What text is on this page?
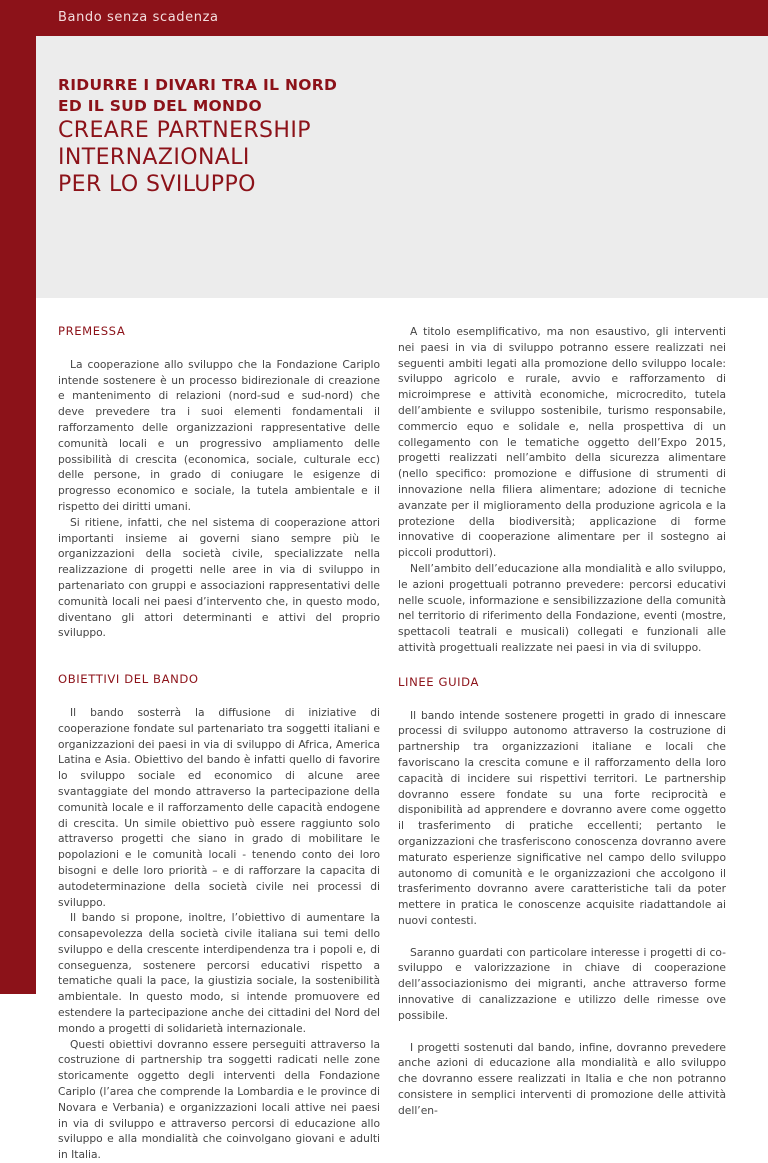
Bando senza scadenza
RIDURRE I DIVARI TRA IL NORD
ED IL SUD DEL MONDO
CREARE PARTNERSHIP
INTERNAZIONALI
PER LO SVILUPPO
PREMESSA

La cooperazione allo sviluppo che la Fondazione Cariplo intende sostenere è un processo bidirezionale di creazione e mantenimento di relazioni (nord-sud e sud-nord) che deve prevedere tra i suoi elementi fondamentali il rafforzamento delle organizzazioni rappresentative delle comunità locali e un progressivo ampliamento delle possibilità di crescita (economica, sociale, culturale ecc) delle persone, in grado di coniugare le esigenze di progresso economico e sociale, la tutela ambientale e il rispetto dei diritti umani.

Si ritiene, infatti, che nel sistema di cooperazione attori importanti insieme ai governi siano sempre più le organizzazioni della società civile, specializzate nella realizzazione di progetti nelle aree in via di sviluppo in partenariato con gruppi e associazioni rappresentativi delle comunità locali nei paesi d’intervento che, in questo modo, diventano gli attori determinanti e attivi del proprio sviluppo.

OBIETTIVI DEL BANDO

Il bando sosterrà la diffusione di iniziative di cooperazione fondate sul partenariato tra soggetti italiani e organizzazioni dei paesi in via di sviluppo di Africa, America Latina e Asia. Obiettivo del bando è infatti quello di favorire lo sviluppo sociale ed economico di alcune aree svantaggiate del mondo attraverso la partecipazione della comunità locale e il rafforzamento delle capacità endogene di crescita. Un simile obiettivo può essere raggiunto solo attraverso progetti che siano in grado di mobilitare le popolazioni e le comunità locali - tenendo conto dei loro bisogni e delle loro priorità – e di rafforzare la capacita di autodeterminazione della società civile nei processi di sviluppo.

Il bando si propone, inoltre, l’obiettivo di aumentare la consapevolezza della società civile italiana sui temi dello sviluppo e della crescente interdipendenza tra i popoli e, di conseguenza, sostenere percorsi educativi rispetto a tematiche quali la pace, la giustizia sociale, la sostenibilità ambientale. In questo modo, si intende promuovere ed estendere la partecipazione anche dei cittadini del Nord del mondo a progetti di solidarietà internazionale.

Questi obiettivi dovranno essere perseguiti attraverso la costruzione di partnership tra soggetti radicati nelle zone storicamente oggetto degli interventi della Fondazione Cariplo (l’area che comprende la Lombardia e le province di Novara e Verbania) e organizzazioni locali attive nei paesi in via di sviluppo e attraverso percorsi di educazione allo sviluppo e alla mondialità che coinvolgano giovani e adulti in Italia.

A titolo esemplificativo, ma non esaustivo, gli interventi nei paesi in via di sviluppo potranno essere realizzati nei seguenti ambiti legati alla promozione dello sviluppo locale: sviluppo agricolo e rurale, avvio e rafforzamento di microimprese e attività economiche, microcredito, tutela dell’ambiente e sviluppo sostenibile, turismo responsabile, commercio equo e solidale e, nella prospettiva di un collegamento con le tematiche oggetto dell’Expo 2015, progetti realizzati nell’ambito della sicurezza alimentare (nello specifico: promozione e diffusione di strumenti di innovazione nella filiera alimentare; adozione di tecniche avanzate per il miglioramento della produzione agricola e la protezione della biodiversità; applicazione di forme innovative di cooperazione alimentare per il sostegno ai piccoli produttori).

Nell’ambito dell’educazione alla mondialità e allo sviluppo, le azioni progettuali potranno prevedere: percorsi educativi nelle scuole, informazione e sensibilizzazione della comunità nel territorio di riferimento della Fondazione, eventi (mostre, spettacoli teatrali e musicali) collegati e funzionali alle attività progettuali realizzate nei paesi in via di sviluppo.

LINEE GUIDA

Il bando intende sostenere progetti in grado di innescare processi di sviluppo autonomo attraverso la costruzione di partnership tra organizzazioni italiane e locali che favoriscano la crescita comune e il rafforzamento della loro capacità di incidere sui rispettivi territori. Le partnership dovranno essere fondate su una forte reciprocità e disponibilità ad apprendere e dovranno avere come oggetto il trasferimento di pratiche eccellenti; pertanto le organizzazioni che trasferiscono conoscenza dovranno avere maturato esperienze significative nel campo dello sviluppo autonomo di comunità e le organizzazioni che accolgono il trasferimento dovranno avere caratteristiche tali da poter mettere in pratica le conoscenze acquisite riadattandole ai nuovi contesti.

Saranno guardati con particolare interesse i progetti di co-sviluppo e valorizzazione in chiave di cooperazione dell’associazionismo dei migranti, anche attraverso forme innovative di canalizzazione e utilizzo delle rimesse ove possibile.

I progetti sostenuti dal bando, infine, dovranno prevedere anche azioni di educazione alla mondialità e allo sviluppo che dovranno essere realizzati in Italia e che non potranno consistere in semplici interventi di promozione delle attività dell’en-
